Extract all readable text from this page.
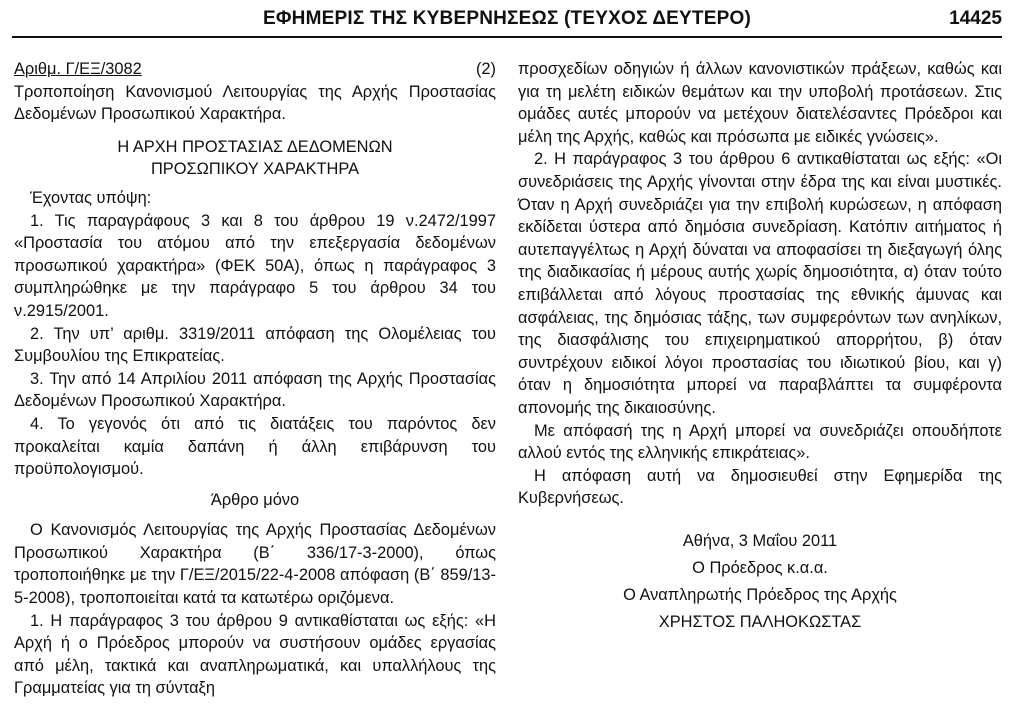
ΕΦΗΜΕΡΙΣ ΤΗΣ ΚΥΒΕΡΝΗΣΕΩΣ (ΤΕΥΧΟΣ ΔΕΥΤΕΡΟ)	14425
Αριθμ. Γ/ΕΞ/3082	(2)

Τροποποίηση Κανονισμού Λειτουργίας της Αρχής Προστασίας Δεδομένων Προσωπικού Χαρακτήρα.

Η ΑΡΧΗ ΠΡΟΣΤΑΣΙΑΣ ΔΕΔΟΜΕΝΩΝ

ΠΡΟΣΩΠΙΚΟΥ ΧΑΡΑΚΤΗΡΑ

Έχοντας υπόψη:

1. Τις παραγράφους 3 και 8 του άρθρου 19 ν.2472/1997 «Προστασία του ατόμου από την επεξεργασία δεδομένων προσωπικού χαρακτήρα» (ΦΕΚ 50Α), όπως η παράγραφος 3 συμπληρώθηκε με την παράγραφο 5 του άρθρου 34 του ν.2915/2001.

2. Την υπ’ αριθμ. 3319/2011 απόφαση της Ολομέλειας του Συμβουλίου της Επικρατείας.

3. Την από 14 Απριλίου 2011 απόφαση της Αρχής Προστασίας Δεδομένων Προσωπικού Χαρακτήρα.

4. Το γεγονός ότι από τις διατάξεις του παρόντος δεν προκαλείται καμία δαπάνη ή άλλη επιβάρυνση του προϋπολογισμού.

Άρθρο μόνο

Ο Κανονισμός Λειτουργίας της Αρχής Προστασίας Δεδομένων Προσωπικού Χαρακτήρα (Β΄ 336/17-3-2000), όπως τροποποιήθηκε με την Γ/ΕΞ/2015/22-4-2008 απόφαση (Β΄ 859/13-5-2008), τροποποιείται κατά τα κατωτέρω οριζόμενα.

1. Η παράγραφος 3 του άρθρου 9 αντικαθίσταται ως εξής: «Η Αρχή ή ο Πρόεδρος μπορούν να συστήσουν ομάδες εργασίας από μέλη, τακτικά και αναπληρωματικά, και υπαλλήλους της Γραμματείας για τη σύνταξη

προσχεδίων οδηγιών ή άλλων κανονιστικών πράξεων, καθώς και για τη μελέτη ειδικών θεμάτων και την υποβολή προτάσεων. Στις ομάδες αυτές μπορούν να μετέχουν διατελέσαντες Πρόεδροι και μέλη της Αρχής, καθώς και πρόσωπα με ειδικές γνώσεις».

2. Η παράγραφος 3 του άρθρου 6 αντικαθίσταται ως εξής: «Οι συνεδριάσεις της Αρχής γίνονται στην έδρα της και είναι μυστικές. Όταν η Αρχή συνεδριάζει για την επιβολή κυρώσεων, η απόφαση εκδίδεται ύστερα από δημόσια συνεδρίαση. Κατόπιν αιτήματος ή αυτεπαγγέλτως η Αρχή δύναται να αποφασίσει τη διεξαγωγή όλης της διαδικασίας ή μέρους αυτής χωρίς δημοσιότητα, α) όταν τούτο επιβάλλεται από λόγους προστασίας της εθνικής άμυνας και ασφάλειας, της δημόσιας τάξης, των συμφερόντων των ανηλίκων, της διασφάλισης του επιχειρηματικού απορρήτου, β) όταν συντρέχουν ειδικοί λόγοι προστασίας του ιδιωτικού βίου, και γ) όταν η δημοσιότητα μπορεί να παραβλάπτει τα συμφέροντα απονομής της δικαιοσύνης.

Με απόφασή της η Αρχή μπορεί να συνεδριάζει οπουδήποτε αλλού εντός της ελληνικής επικράτειας».

Η απόφαση αυτή να δημοσιευθεί στην Εφημερίδα της Κυβερνήσεως.

Αθήνα, 3 Μαΐου 2011

Ο Πρόεδρος κ.α.α.

Ο Αναπληρωτής Πρόεδρος της Αρχής

ΧΡΗΣΤΟΣ ΠΑΛΗΟΚΩΣΤΑΣ
